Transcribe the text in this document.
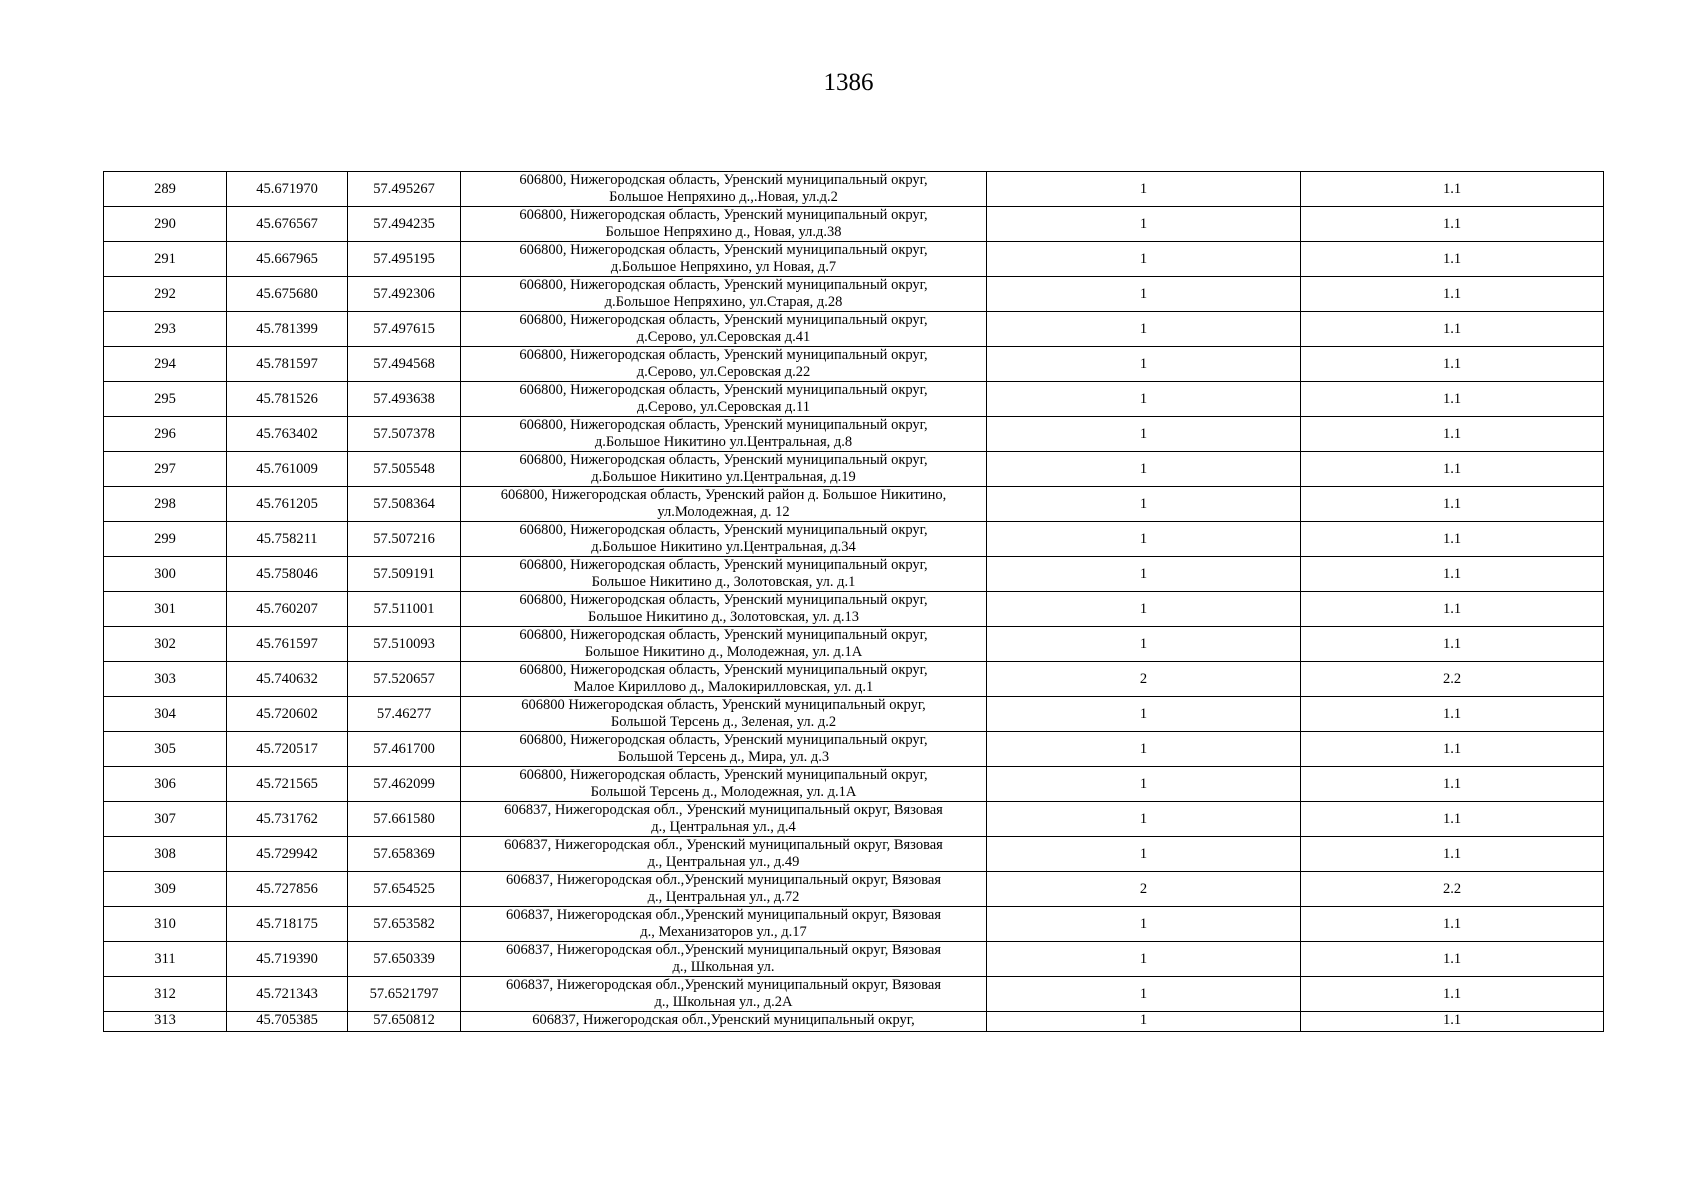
1386
289	45.671970	57.495267	606800, Нижегородская область, Уренский муниципальный округ,
Большое Непряхино д.,.Новая, ул.д.2	1	1.1
290	45.676567	57.494235	606800, Нижегородская область, Уренский муниципальный округ,
Большое Непряхино д., Новая, ул.д.38	1	1.1
291	45.667965	57.495195	606800, Нижегородская область, Уренский муниципальный округ,
д.Большое Непряхино, ул Новая, д.7	1	1.1
292	45.675680	57.492306	606800, Нижегородская область, Уренский муниципальный округ,
д.Большое Непряхино, ул.Старая, д.28	1	1.1
293	45.781399	57.497615	606800, Нижегородская область, Уренский муниципальный округ,
д.Серово, ул.Серовская д.41	1	1.1
294	45.781597	57.494568	606800, Нижегородская область, Уренский муниципальный округ,
д.Серово, ул.Серовская д.22	1	1.1
295	45.781526	57.493638	606800, Нижегородская область, Уренский муниципальный округ,
д.Серово, ул.Серовская д.11	1	1.1
296	45.763402	57.507378	606800, Нижегородская область, Уренский муниципальный округ,
д.Большое Никитино ул.Центральная, д.8	1	1.1
297	45.761009	57.505548	606800, Нижегородская область, Уренский муниципальный округ,
д.Большое Никитино ул.Центральная, д.19	1	1.1
298	45.761205	57.508364	606800, Нижегородская область, Уренский район д. Большое Никитино,
ул.Молодежная, д. 12	1	1.1
299	45.758211	57.507216	606800, Нижегородская область, Уренский муниципальный округ,
д.Большое Никитино ул.Центральная, д.34	1	1.1
300	45.758046	57.509191	606800, Нижегородская область, Уренский муниципальный округ,
Большое Никитино д., Золотовская, ул. д.1	1	1.1
301	45.760207	57.511001	606800, Нижегородская область, Уренский муниципальный округ,
Большое Никитино д., Золотовская, ул. д.13	1	1.1
302	45.761597	57.510093	606800, Нижегородская область, Уренский муниципальный округ,
Большое Никитино д., Молодежная, ул. д.1А	1	1.1
303	45.740632	57.520657	606800, Нижегородская область, Уренский муниципальный округ,
Малое Кириллово д., Малокирилловская, ул. д.1	2	2.2
304	45.720602	57.46277	606800 Нижегородская область, Уренский муниципальный округ,
Большой Терсень д., Зеленая, ул. д.2	1	1.1
305	45.720517	57.461700	606800, Нижегородская область, Уренский муниципальный округ,
Большой Терсень д., Мира, ул. д.3	1	1.1
306	45.721565	57.462099	606800, Нижегородская область, Уренский муниципальный округ,
Большой Терсень д., Молодежная, ул. д.1А	1	1.1
307	45.731762	57.661580	606837, Нижегородская обл., Уренский муниципальный округ, Вязовая
д., Центральная ул., д.4	1	1.1
308	45.729942	57.658369	606837, Нижегородская обл., Уренский муниципальный округ, Вязовая
д., Центральная ул., д.49	1	1.1
309	45.727856	57.654525	606837, Нижегородская обл.,Уренский муниципальный округ, Вязовая
д., Центральная ул., д.72	2	2.2
310	45.718175	57.653582	606837, Нижегородская обл.,Уренский муниципальный округ, Вязовая
д., Механизаторов ул., д.17	1	1.1
311	45.719390	57.650339	606837, Нижегородская обл.,Уренский муниципальный округ, Вязовая
д., Школьная ул.	1	1.1
312	45.721343	57.6521797	606837, Нижегородская обл.,Уренский муниципальный округ, Вязовая
д., Школьная ул., д.2А	1	1.1
313	45.705385	57.650812	606837, Нижегородская обл.,Уренский муниципальный округ,	1	1.1
